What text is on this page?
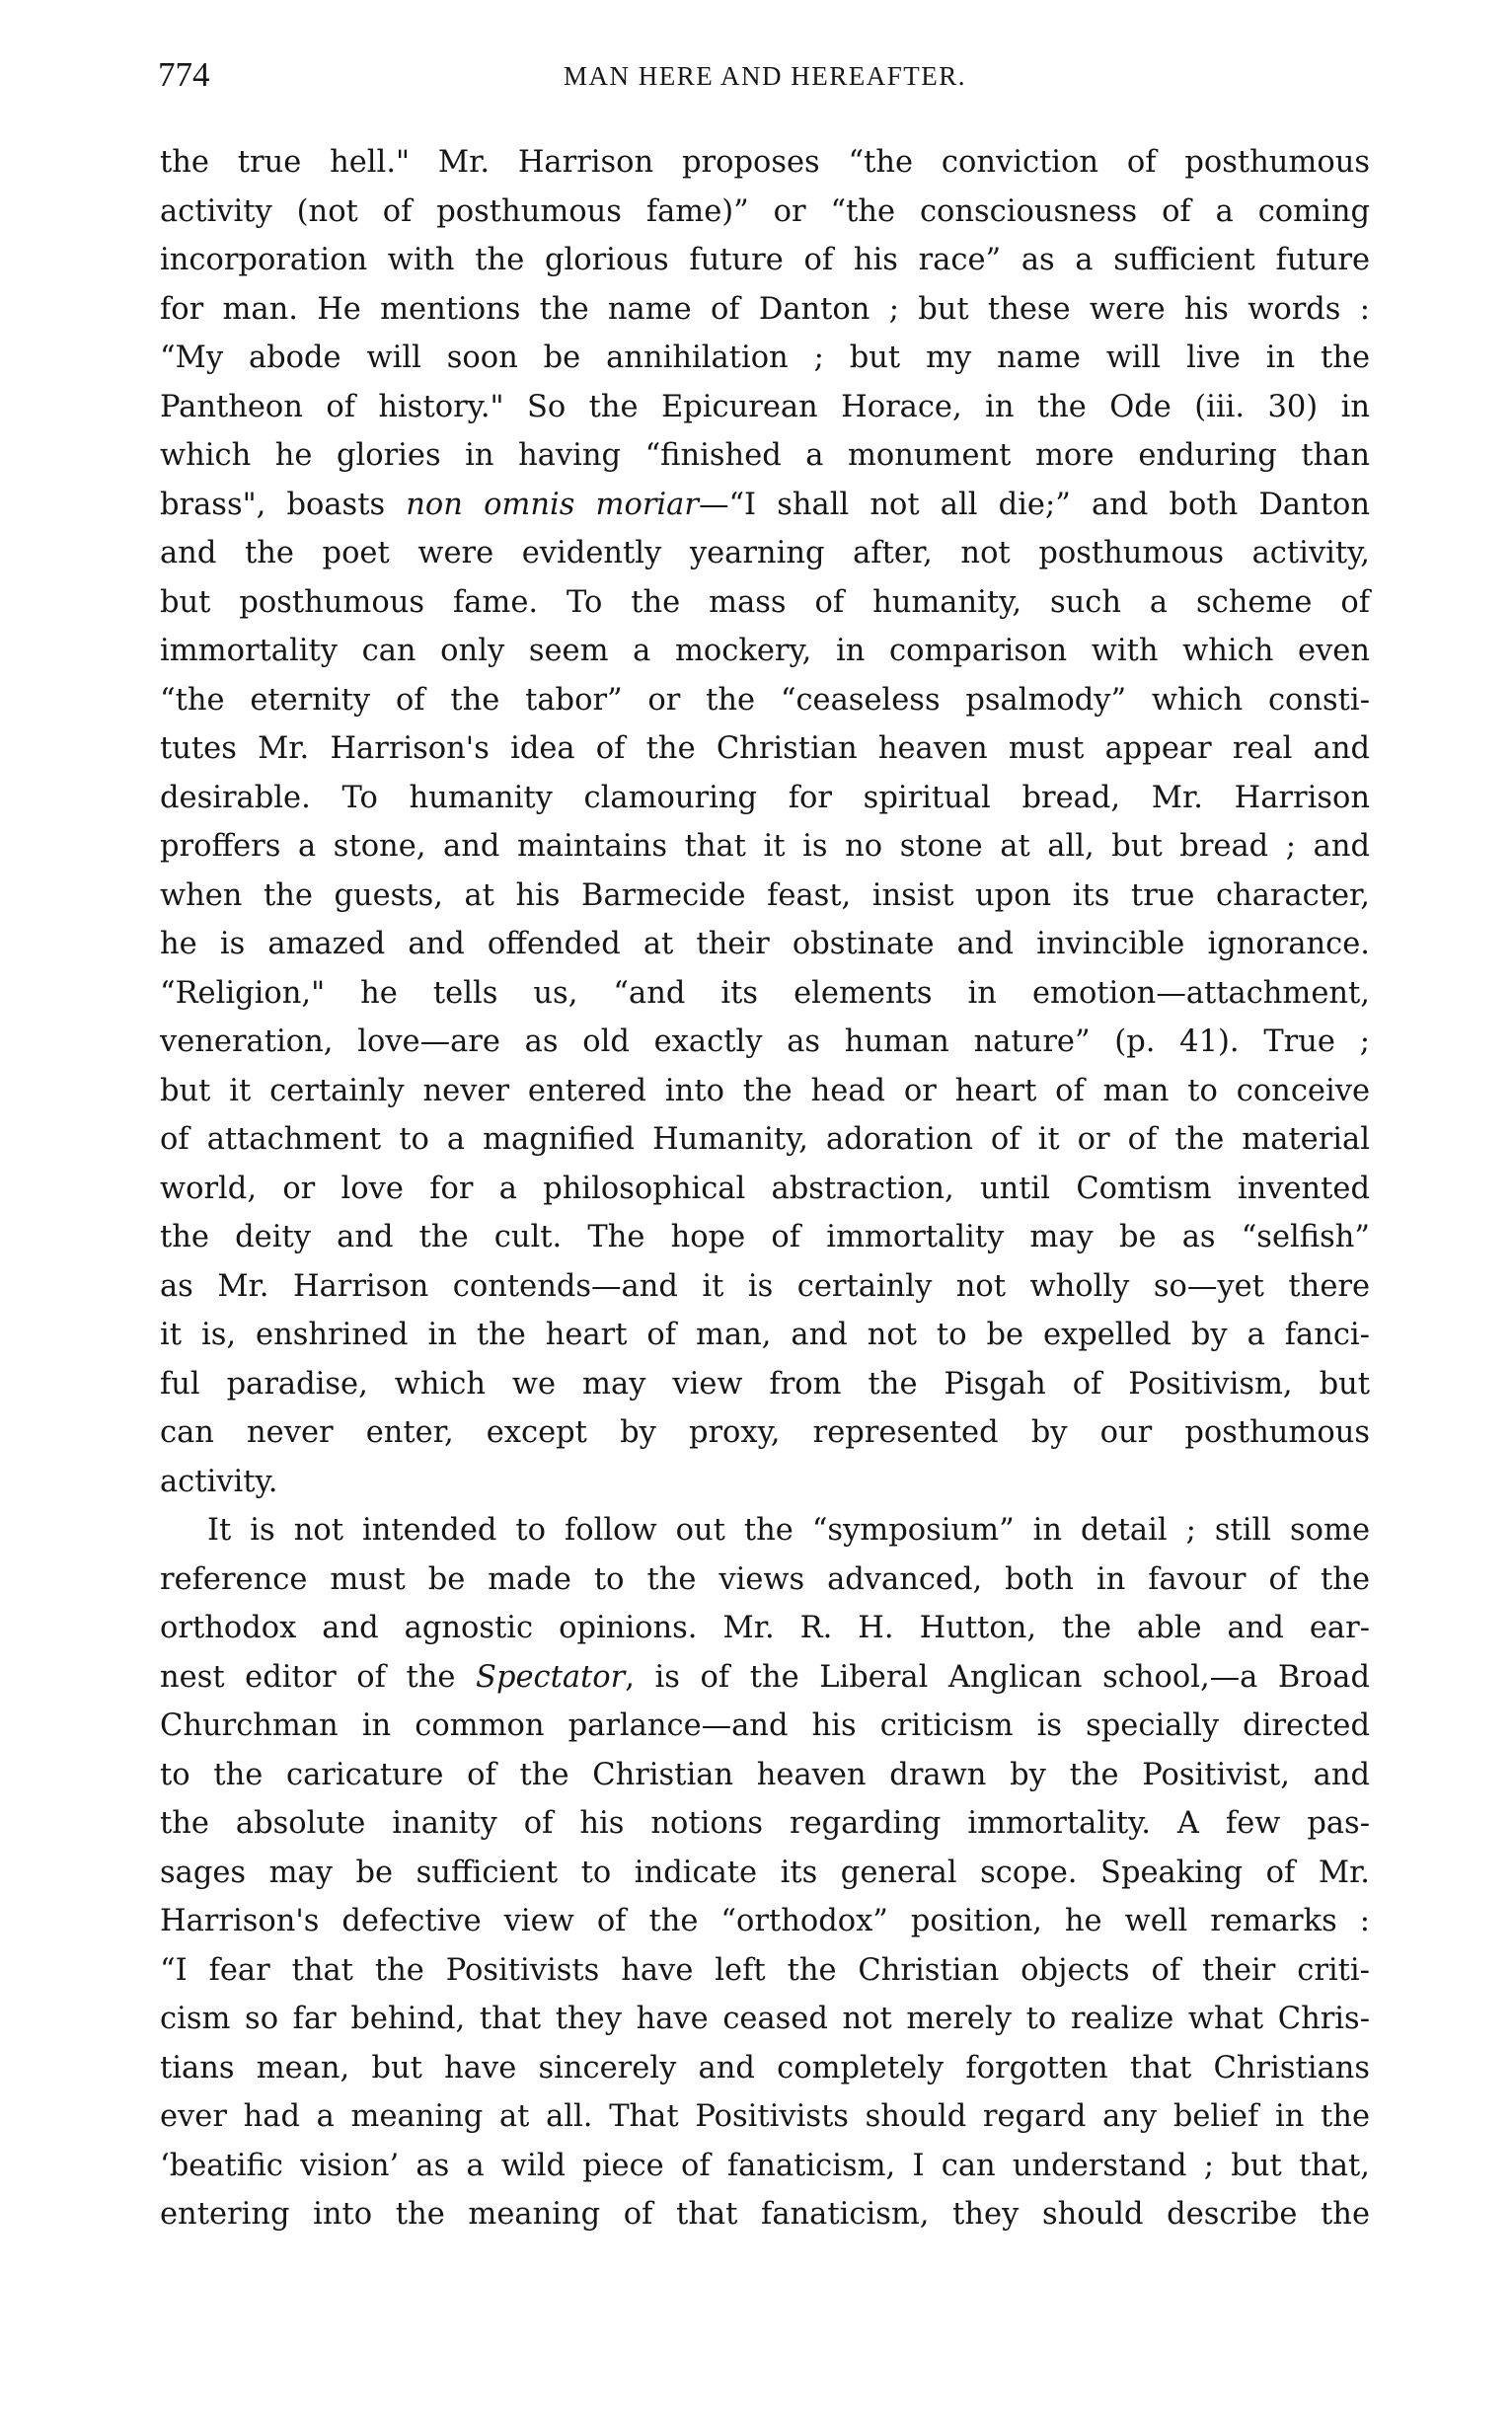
774	MAN HERE AND HEREAFTER.
the true hell." Mr. Harrison proposes “the conviction of posthumous
activity (not of posthumous fame)” or “the consciousness of a coming
incorporation with the glorious future of his race” as a sufficient future
for man. He mentions the name of Danton ; but these were his words :
“My abode will soon be annihilation ; but my name will live in the
Pantheon of history." So the Epicurean Horace, in the Ode (iii. 30) in
which he glories in having “finished a monument more enduring than
brass", boasts non omnis moriar—“I shall not all die;” and both Danton
and the poet were evidently yearning after, not posthumous activity,
but posthumous fame. To the mass of humanity, such a scheme of
immortality can only seem a mockery, in comparison with which even
“the eternity of the tabor” or the “ceaseless psalmody” which consti-
tutes Mr. Harrison's idea of the Christian heaven must appear real and
desirable. To humanity clamouring for spiritual bread, Mr. Harrison
proffers a stone, and maintains that it is no stone at all, but bread ; and
when the guests, at his Barmecide feast, insist upon its true character,
he is amazed and offended at their obstinate and invincible ignorance.
“Religion," he tells us, “and its elements in emotion—attachment,
veneration, love—are as old exactly as human nature” (p. 41). True ;
but it certainly never entered into the head or heart of man to conceive
of attachment to a magnified Humanity, adoration of it or of the material
world, or love for a philosophical abstraction, until Comtism invented
the deity and the cult. The hope of immortality may be as “selfish”
as Mr. Harrison contends—and it is certainly not wholly so—yet there
it is, enshrined in the heart of man, and not to be expelled by a fanci-
ful paradise, which we may view from the Pisgah of Positivism, but
can never enter, except by proxy, represented by our posthumous
activity.
It is not intended to follow out the “symposium” in detail ; still some
reference must be made to the views advanced, both in favour of the
orthodox and agnostic opinions. Mr. R. H. Hutton, the able and ear-
nest editor of the Spectator, is of the Liberal Anglican school,—a Broad
Churchman in common parlance—and his criticism is specially directed
to the caricature of the Christian heaven drawn by the Positivist, and
the absolute inanity of his notions regarding immortality. A few pas-
sages may be sufficient to indicate its general scope. Speaking of Mr.
Harrison's defective view of the “orthodox” position, he well remarks :
“I fear that the Positivists have left the Christian objects of their criti-
cism so far behind, that they have ceased not merely to realize what Chris-
tians mean, but have sincerely and completely forgotten that Christians
ever had a meaning at all. That Positivists should regard any belief in the
‘beatific vision’ as a wild piece of fanaticism, I can understand ; but that,
entering into the meaning of that fanaticism, they should describe the
